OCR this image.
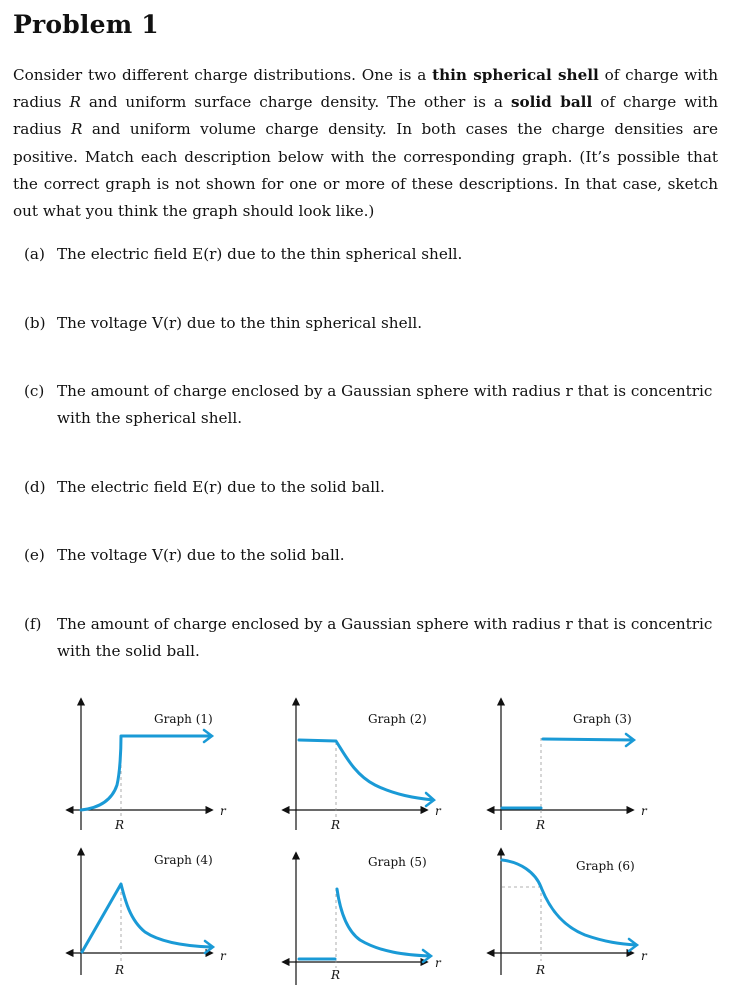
Problem 1
Consider two different charge distributions. One is a thin spherical shell of charge with radius R and uniform surface charge density. The other is a solid ball of charge with radius R and uniform volume charge density. In both cases the charge densities are positive. Match each description below with the corresponding graph. (It’s possible that the correct graph is not shown for one or more of these descriptions. In that case, sketch out what you think the graph should look like.)
(a) The electric field E(r) due to the thin spherical shell.
(b) The voltage V(r) due to the thin spherical shell.
(c) The amount of charge enclosed by a Gaussian sphere with radius r that is concentric
with the spherical shell.
(d) The electric field E(r) due to the solid ball.
(e) The voltage V(r) due to the solid ball.
(f) The amount of charge enclosed by a Gaussian sphere with radius r that is concentric
with the solid ball.
Graph (1)
R
r
Graph (2)
R
r
Graph (3)
R
r
Graph (4)
R
r
Graph (5)
R
r
Graph (6)
R
r
